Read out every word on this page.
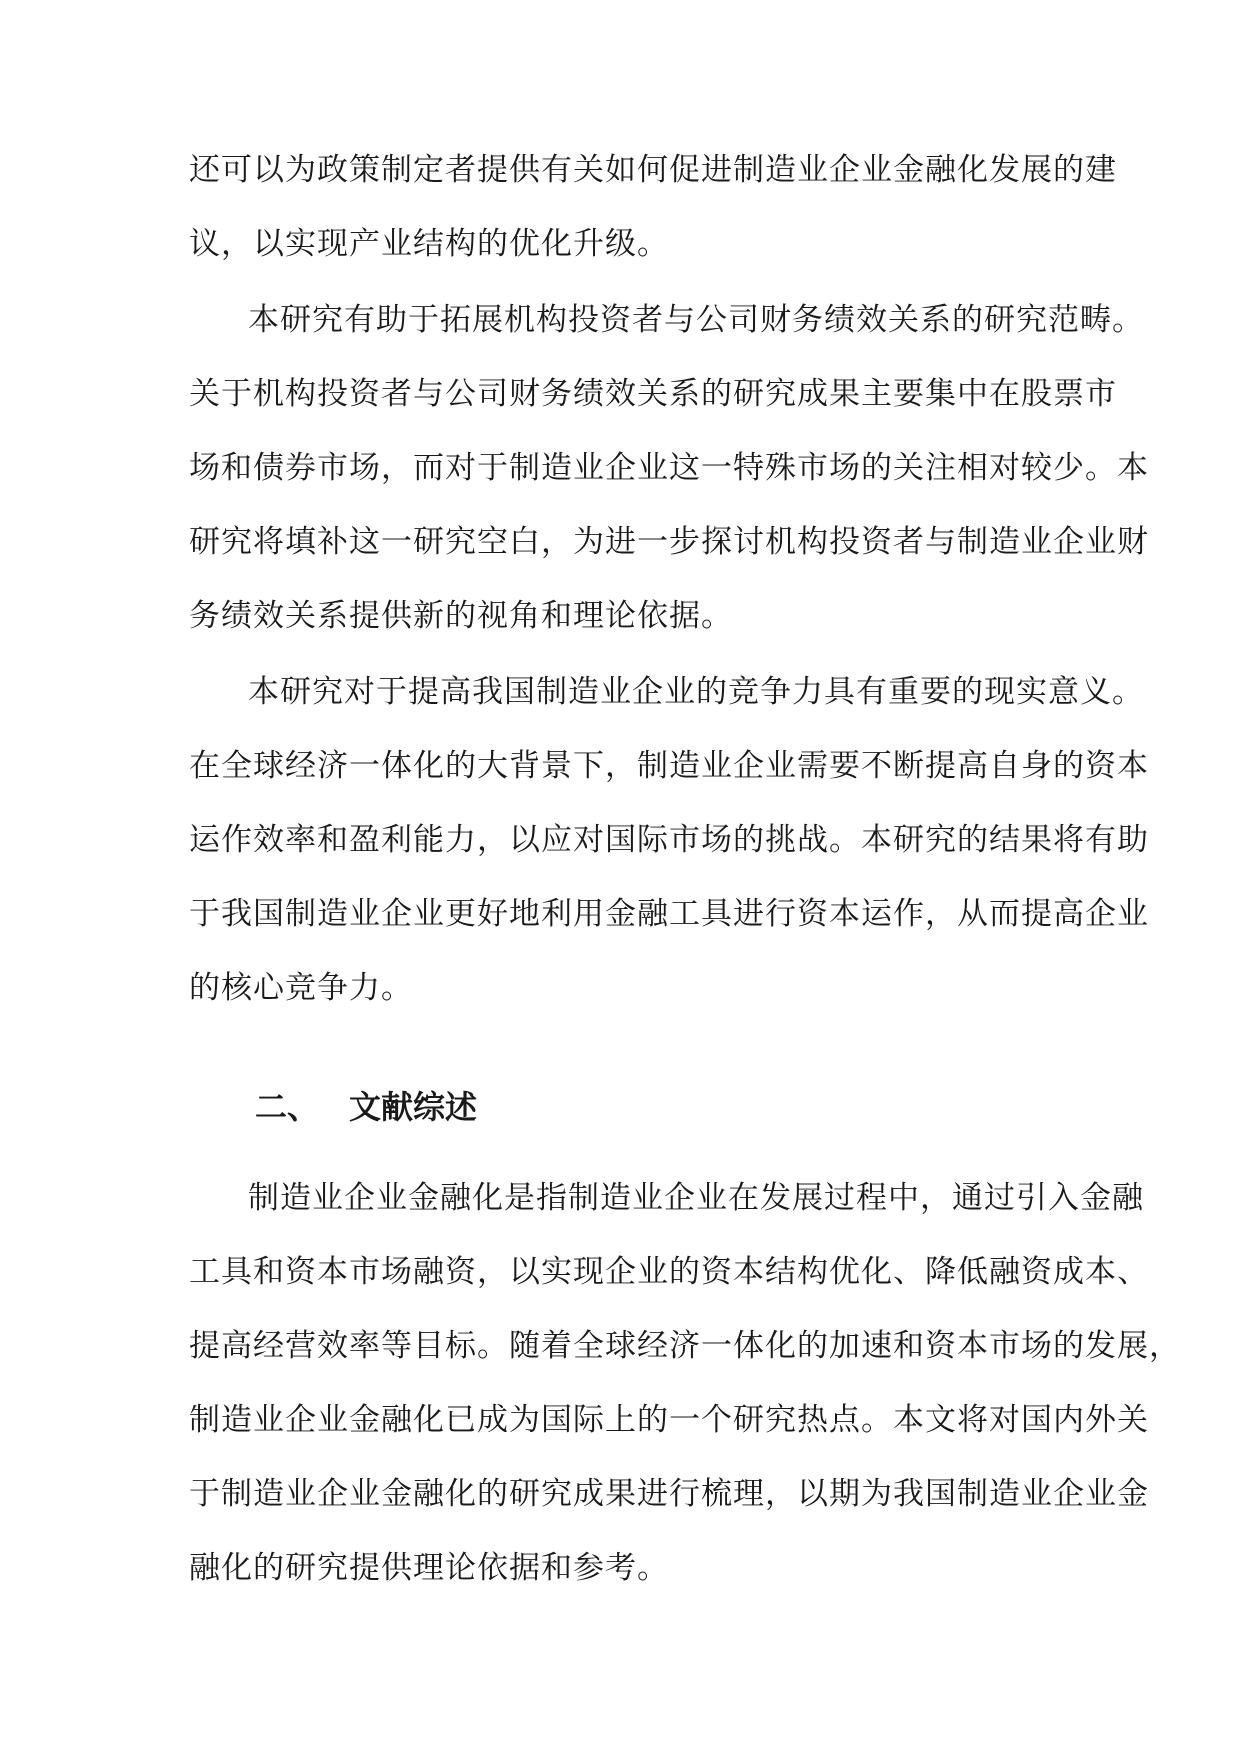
还可以为政策制定者提供有关如何促进制造业企业金融化发展的建

议，以实现产业结构的优化升级。

本研究有助于拓展机构投资者与公司财务绩效关系的研究范畴。

关于机构投资者与公司财务绩效关系的研究成果主要集中在股票市

场和债券市场，而对于制造业企业这一特殊市场的关注相对较少。本

研究将填补这一研究空白，为进一步探讨机构投资者与制造业企业财

务绩效关系提供新的视角和理论依据。

本研究对于提高我国制造业企业的竞争力具有重要的现实意义。

在全球经济一体化的大背景下，制造业企业需要不断提高自身的资本

运作效率和盈利能力，以应对国际市场的挑战。本研究的结果将有助

于我国制造业企业更好地利用金融工具进行资本运作，从而提高企业

的核心竞争力。

二、 文献综述

制造业企业金融化是指制造业企业在发展过程中，通过引入金融

工具和资本市场融资，以实现企业的资本结构优化、降低融资成本、

提高经营效率等目标。随着全球经济一体化的加速和资本市场的发展，

制造业企业金融化已成为国际上的一个研究热点。本文将对国内外关

于制造业企业金融化的研究成果进行梳理，以期为我国制造业企业金

融化的研究提供理论依据和参考。
